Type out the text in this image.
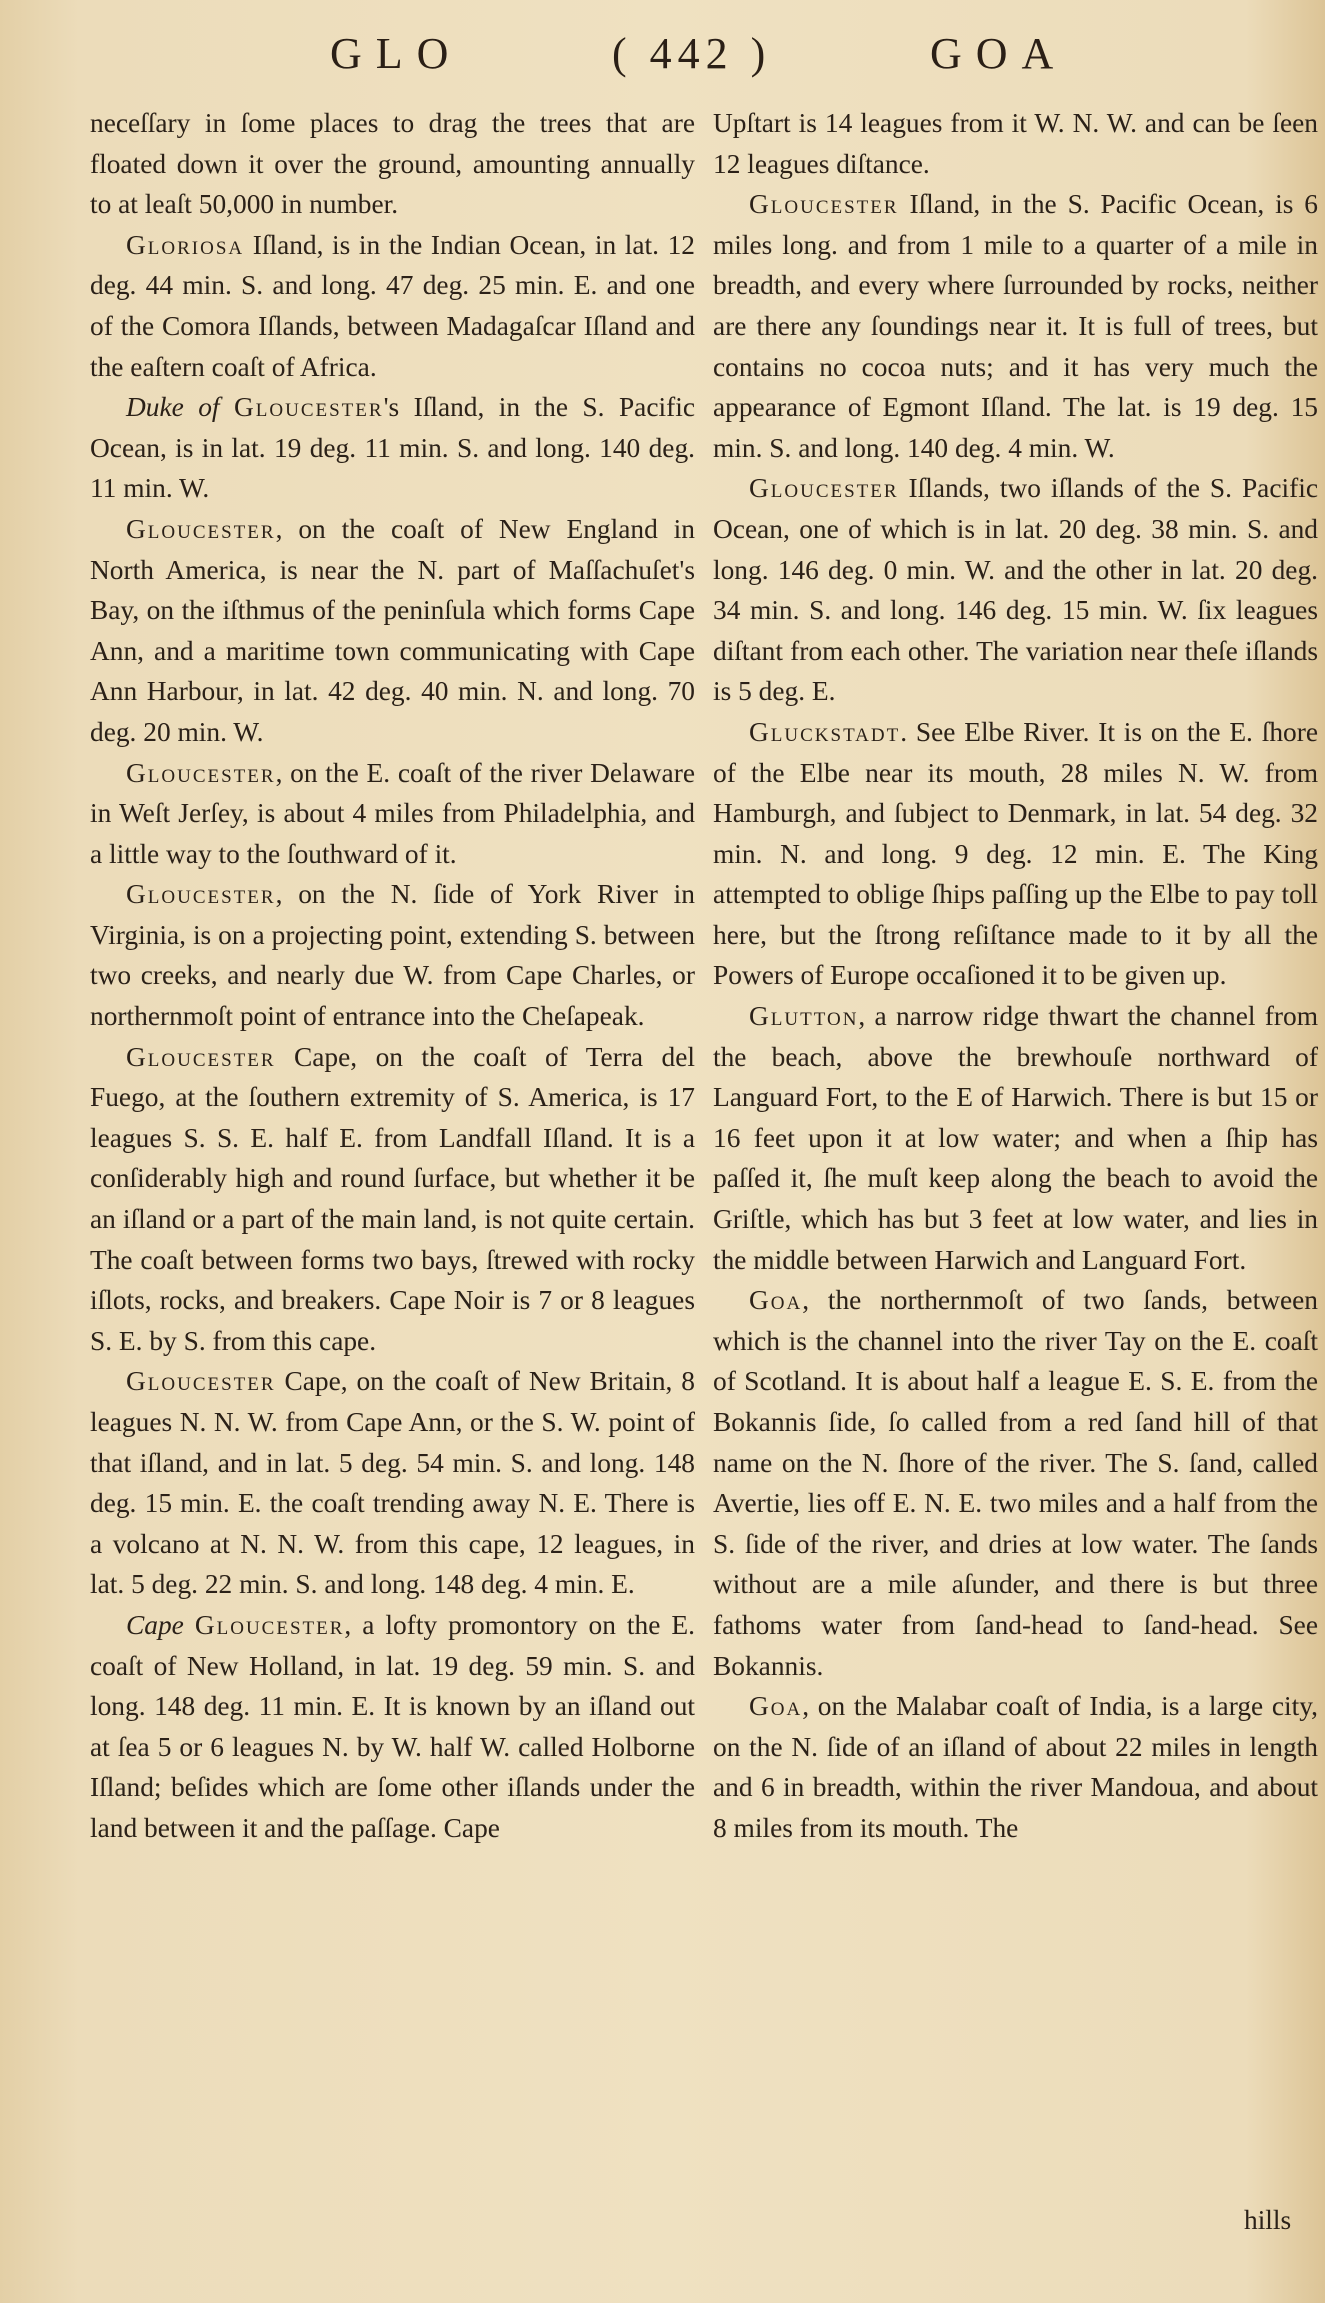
GLO	( 442 )	GOA

neceſſary in ſome places to drag the trees that are floated down it over the ground, amounting annually to at leaſt 50,000 in number.

Gloriosa Iſland, is in the Indian Ocean, in lat. 12 deg. 44 min. S. and long. 47 deg. 25 min. E. and one of the Comora Iſlands, between Madagaſcar Iſland and the eaſtern coaſt of Africa.

Duke of Gloucester's Iſland, in the S. Pacific Ocean, is in lat. 19 deg. 11 min. S. and long. 140 deg. 11 min. W.

Gloucester, on the coaſt of New England in North America, is near the N. part of Maſſachuſet's Bay, on the iſthmus of the peninſula which forms Cape Ann, and a maritime town communicating with Cape Ann Harbour, in lat. 42 deg. 40 min. N. and long. 70 deg. 20 min. W.

Gloucester, on the E. coaſt of the river Delaware in Weſt Jerſey, is about 4 miles from Philadelphia, and a little way to the ſouthward of it.

Gloucester, on the N. ſide of York River in Virginia, is on a projecting point, extending S. between two creeks, and nearly due W. from Cape Charles, or northernmoſt point of entrance into the Cheſapeak.

Gloucester Cape, on the coaſt of Terra del Fuego, at the ſouthern extremity of S. America, is 17 leagues S. S. E. half E. from Landfall Iſland. It is a conſiderably high and round ſurface, but whether it be an iſland or a part of the main land, is not quite certain. The coaſt between forms two bays, ſtrewed with rocky iſlots, rocks, and breakers. Cape Noir is 7 or 8 leagues S. E. by S. from this cape.

Gloucester Cape, on the coaſt of New Britain, 8 leagues N. N. W. from Cape Ann, or the S. W. point of that iſland, and in lat. 5 deg. 54 min. S. and long. 148 deg. 15 min. E. the coaſt trending away N. E. There is a volcano at N. N. W. from this cape, 12 leagues, in lat. 5 deg. 22 min. S. and long. 148 deg. 4 min. E.

Cape Gloucester, a lofty promontory on the E. coaſt of New Holland, in lat. 19 deg. 59 min. S. and long. 148 deg. 11 min. E. It is known by an iſland out at ſea 5 or 6 leagues N. by W. half W. called Holborne Iſland; beſides which are ſome other iſlands under the land between it and the paſſage. Cape

Upſtart is 14 leagues from it W. N. W. and can be ſeen 12 leagues diſtance.

Gloucester Iſland, in the S. Pacific Ocean, is 6 miles long. and from 1 mile to a quarter of a mile in breadth, and every where ſurrounded by rocks, neither are there any ſoundings near it. It is full of trees, but contains no cocoa nuts; and it has very much the appearance of Egmont Iſland. The lat. is 19 deg. 15 min. S. and long. 140 deg. 4 min. W.

Gloucester Iſlands, two iſlands of the S. Pacific Ocean, one of which is in lat. 20 deg. 38 min. S. and long. 146 deg. 0 min. W. and the other in lat. 20 deg. 34 min. S. and long. 146 deg. 15 min. W. ſix leagues diſtant from each other. The variation near theſe iſlands is 5 deg. E.

Gluckstadt. See Elbe River. It is on the E. ſhore of the Elbe near its mouth, 28 miles N. W. from Hamburgh, and ſubject to Denmark, in lat. 54 deg. 32 min. N. and long. 9 deg. 12 min. E. The King attempted to oblige ſhips paſſing up the Elbe to pay toll here, but the ſtrong reſiſtance made to it by all the Powers of Europe occaſioned it to be given up.

Glutton, a narrow ridge thwart the channel from the beach, above the brewhouſe northward of Languard Fort, to the E of Harwich. There is but 15 or 16 feet upon it at low water; and when a ſhip has paſſed it, ſhe muſt keep along the beach to avoid the Griſtle, which has but 3 feet at low water, and lies in the middle between Harwich and Languard Fort.

Goa, the northernmoſt of two ſands, between which is the channel into the river Tay on the E. coaſt of Scotland. It is about half a league E. S. E. from the Bokannis ſide, ſo called from a red ſand hill of that name on the N. ſhore of the river. The S. ſand, called Avertie, lies off E. N. E. two miles and a half from the S. ſide of the river, and dries at low water. The ſands without are a mile aſunder, and there is but three fathoms water from ſand-head to ſand-head. See Bokannis.

Goa, on the Malabar coaſt of India, is a large city, on the N. ſide of an iſland of about 22 miles in length and 6 in breadth, within the river Mandoua, and about 8 miles from its mouth. The

hills
